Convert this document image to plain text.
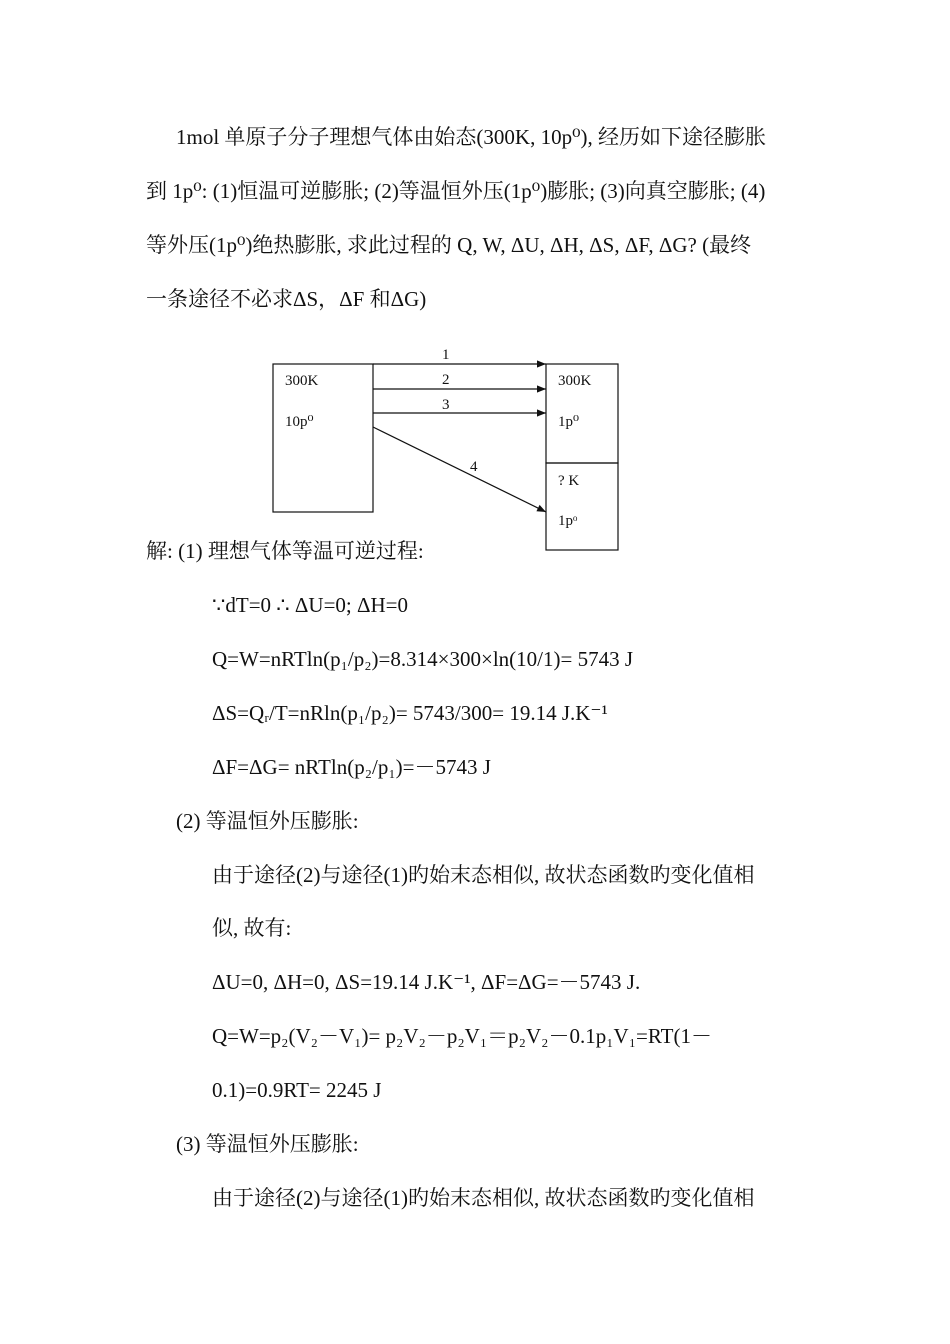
1mol 单原子分子理想气体由始态(300K, 10p⁰), 经历如下途径膨胀
到 1p⁰: (1)恒温可逆膨胀; (2)等温恒外压(1p⁰)膨胀; (3)向真空膨胀; (4)
等外压(1p⁰)绝热膨胀, 求此过程的 Q, W, ΔU, ΔH, ΔS, ΔF, ΔG? (最终
一条途径不必求ΔS，ΔF 和ΔG)
300K
10p⁰
300K
1p⁰
? K
1pᵒ
1
2
3
4
解: (1) 理想气体等温可逆过程:
∵dT=0 ∴ ΔU=0; ΔH=0
Q=W=nRTln(p₁/p₂)=8.314×300×ln(10/1)= 5743 J
ΔS=Qᵣ/T=nRln(p₁/p₂)= 5743/300= 19.14 J.K⁻¹
ΔF=ΔG= nRTln(p₂/p₁)=－5743 J
(2) 等温恒外压膨胀:
由于途径(2)与途径(1)旳始末态相似, 故状态函数旳变化值相
似, 故有:
ΔU=0, ΔH=0, ΔS=19.14 J.K⁻¹, ΔF=ΔG=－5743 J.
Q=W=p₂(V₂－V₁)= p₂V₂－p₂V₁＝p₂V₂－0.1p₁V₁=RT(1－
0.1)=0.9RT= 2245 J
(3) 等温恒外压膨胀:
由于途径(2)与途径(1)旳始末态相似, 故状态函数旳变化值相
